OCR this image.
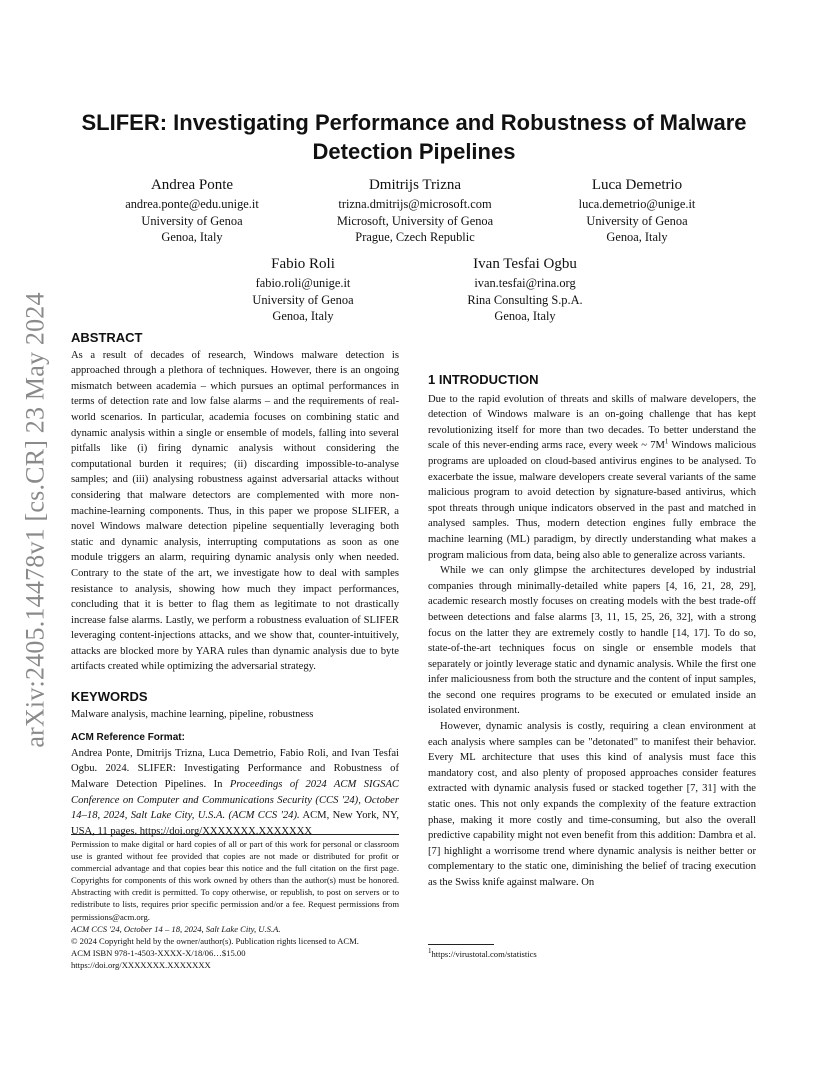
arXiv:2405.14478v1 [cs.CR] 23 May 2024
SLIFER: Investigating Performance and Robustness of Malware Detection Pipelines
Andrea Ponte
andrea.ponte@edu.unige.it
University of Genoa
Genoa, Italy
Dmitrijs Trizna
trizna.dmitrijs@microsoft.com
Microsoft, University of Genoa
Prague, Czech Republic
Luca Demetrio
luca.demetrio@unige.it
University of Genoa
Genoa, Italy
Fabio Roli
fabio.roli@unige.it
University of Genoa
Genoa, Italy
Ivan Tesfai Ogbu
ivan.tesfai@rina.org
Rina Consulting S.p.A.
Genoa, Italy
ABSTRACT

As a result of decades of research, Windows malware detection is approached through a plethora of techniques. However, there is an ongoing mismatch between academia – which pursues an optimal performances in terms of detection rate and low false alarms – and the requirements of real-world scenarios. In particular, academia focuses on combining static and dynamic analysis within a single or ensemble of models, falling into several pitfalls like (i) firing dynamic analysis without considering the computational burden it requires; (ii) discarding impossible-to-analyse samples; and (iii) analysing robustness against adversarial attacks without considering that malware detectors are complemented with more non-machine-learning components. Thus, in this paper we propose SLIFER, a novel Windows malware detection pipeline sequentially leveraging both static and dynamic analysis, interrupting computations as soon as one module triggers an alarm, requiring dynamic analysis only when needed. Contrary to the state of the art, we investigate how to deal with samples resistance to analysis, showing how much they impact performances, concluding that it is better to flag them as legitimate to not drastically increase false alarms. Lastly, we perform a robustness evaluation of SLIFER leveraging content-injections attacks, and we show that, counter-intuitively, attacks are blocked more by YARA rules than dynamic analysis due to byte artifacts created while optimizing the adversarial strategy.

KEYWORDS

Malware analysis, machine learning, pipeline, robustness

ACM Reference Format:

Andrea Ponte, Dmitrijs Trizna, Luca Demetrio, Fabio Roli, and Ivan Tesfai Ogbu. 2024. SLIFER: Investigating Performance and Robustness of Malware Detection Pipelines. In Proceedings of 2024 ACM SIGSAC Conference on Computer and Communications Security (CCS '24), October 14–18, 2024, Salt Lake City, U.S.A. (ACM CCS '24). ACM, New York, NY, USA, 11 pages. https://doi.org/XXXXXXX.XXXXXXX

Permission to make digital or hard copies of all or part of this work for personal or classroom use is granted without fee provided that copies are not made or distributed for profit or commercial advantage and that copies bear this notice and the full citation on the first page. Copyrights for components of this work owned by others than the author(s) must be honored. Abstracting with credit is permitted. To copy otherwise, or republish, to post on servers or to redistribute to lists, requires prior specific permission and/or a fee. Request permissions from permissions@acm.org.

ACM CCS '24, October 14 – 18, 2024, Salt Lake City, U.S.A.

© 2024 Copyright held by the owner/author(s). Publication rights licensed to ACM.

ACM ISBN 978-1-4503-XXXX-X/18/06…$15.00

https://doi.org/XXXXXXX.XXXXXXX

1 INTRODUCTION

Due to the rapid evolution of threats and skills of malware developers, the detection of Windows malware is an on-going challenge that has kept revolutionizing itself for more than two decades. To better understand the scale of this never-ending arms race, every week ~ $7M^1$ Windows malicious programs are uploaded on cloud-based antivirus engines to be analysed. To exacerbate the issue, malware developers create several variants of the same malicious program to avoid detection by signature-based antivirus, which spot threats through unique indicators observed in the past and matched in analysed samples. Thus, modern detection engines fully embrace the machine learning (ML) paradigm, by directly understanding what makes a program malicious from data, being also able to generalize across variants.

While we can only glimpse the architectures developed by industrial companies through minimally-detailed white papers [4, 16, 21, 28, 29], academic research mostly focuses on creating models with the best trade-off between detections and false alarms [3, 11, 15, 25, 26, 32], with a strong focus on the latter they are extremely costly to handle [14, 17]. To do so, state-of-the-art techniques focus on single or ensemble models that separately or jointly leverage static and dynamic analysis. While the first one infer maliciousness from both the structure and the content of input samples, the second one requires programs to be executed or emulated inside an isolated environment.

However, dynamic analysis is costly, requiring a clean environment at each analysis where samples can be "detonated" to manifest their behavior. Every ML architecture that uses this kind of analysis must face this mandatory cost, and also plenty of proposed approaches consider features extracted with dynamic analysis fused or stacked together [7, 31] with the static ones. This not only expands the complexity of the feature extraction phase, making it more costly and time-consuming, but also the overall predictive capability might not even benefit from this addition: Dambra et al. [7] highlight a worrisome trend where dynamic analysis is neither better or complementary to the static one, diminishing the belief of tracing execution as the Swiss knife against malware. On

$^1$https://virustotal.com/statistics
